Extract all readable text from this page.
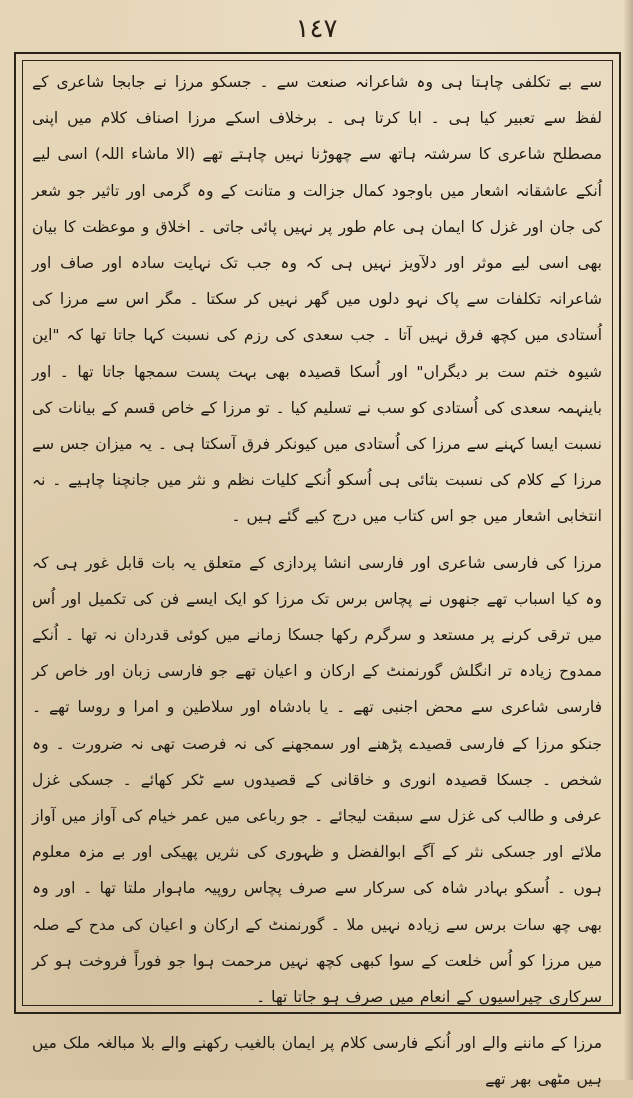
١٤٧

سے بے تکلفی چاہتا ہی وہ شاعرانہ صنعت سے ۔ جسکو مرزا نے جابجا شاعری کے لفظ سے تعبیر کیا ہی ۔ ابا کرتا ہی ۔ برخلاف اسکے مرزا اصناف کلام میں اپنی مصطلح شاعری کا سرشتہ ہاتھ سے چھوڑنا نہیں چاہتے تھے (الا ماشاء اللہ) اسی لیے اُنکے عاشقانہ اشعار میں باوجود کمال جزالت و متانت کے وہ گرمی اور تاثیر جو شعر کی جان اور غزل کا ایمان ہی عام طور پر نہیں پائی جاتی ۔ اخلاق و موعظت کا بیان بھی اسی لیے موثر اور دلآویز نہیں ہی کہ وہ جب تک نہایت سادہ اور صاف اور شاعرانہ تکلفات سے پاک نہو دلوں میں گھر نہیں کر سکتا ۔ مگر اس سے مرزا کی اُستادی میں کچھ فرق نہیں آتا ۔ جب سعدی کی رزم کی نسبت کہا جاتا تھا کہ "این شیوہ ختم ست بر دیگراں" اور اُسکا قصیدہ بھی بہت پست سمجھا جاتا تھا ۔ اور باینہمہ سعدی کی اُستادی کو سب نے تسلیم کیا ۔ تو مرزا کے خاص قسم کے بیانات کی نسبت ایسا کہنے سے مرزا کی اُستادی میں کیونکر فرق آسکتا ہی ۔ یہ میزان جس سے مرزا کے کلام کی نسبت بتائی ہی اُسکو اُنکے کلیات نظم و نثر میں جانچنا چاہیے ۔ نہ انتخابی اشعار میں جو اس کتاب میں درج کیے گئے ہیں ۔

مرزا کی فارسی شاعری اور فارسی انشا پردازی کے متعلق یہ بات قابل غور ہی کہ وہ کیا اسباب تھے جنھوں نے پچاس برس تک مرزا کو ایک ایسے فن کی تکمیل اور اُس میں ترقی کرنے پر مستعد و سرگرم رکھا جسکا زمانے میں کوئی قدردان نہ تھا ۔ اُنکے ممدوح زیادہ تر انگلش گورنمنٹ کے ارکان و اعیان تھے جو فارسی زبان اور خاص کر فارسی شاعری سے محض اجنبی تھے ۔ یا بادشاہ اور سلاطین و امرا و روسا تھے ۔ جنکو مرزا کے فارسی قصیدے پڑھنے اور سمجھنے کی نہ فرصت تھی نہ ضرورت ۔ وہ شخص ۔ جسکا قصیدہ انوری و خاقانی کے قصیدوں سے ٹکر کھائے ۔ جسکی غزل عرفی و طالب کی غزل سے سبقت لیجائے ۔ جو رباعی میں عمر خیام کی آواز میں آواز ملائے اور جسکی نثر کے آگے ابوالفضل و ظہوری کی نثریں پھیکی اور بے مزہ معلوم ہوں ۔ اُسکو بہادر شاہ کی سرکار سے صرف پچاس روپیہ ماہوار ملتا تھا ۔ اور وہ بھی چھ سات برس سے زیادہ نہیں ملا ۔ گورنمنٹ کے ارکان و اعیان کی مدح کے صلہ میں مرزا کو اُس خلعت کے سوا کبھی کچھ نہیں مرحمت ہوا جو فوراً فروخت ہو کر سرکاری چپراسیوں کے انعام میں صرف ہو جاتا تھا ۔

مرزا کے ماننے والے اور اُنکے فارسی کلام پر ایمان بالغیب رکھنے والے بلا مبالغہ ملک میں ہیں مٹھی بھر تھے
